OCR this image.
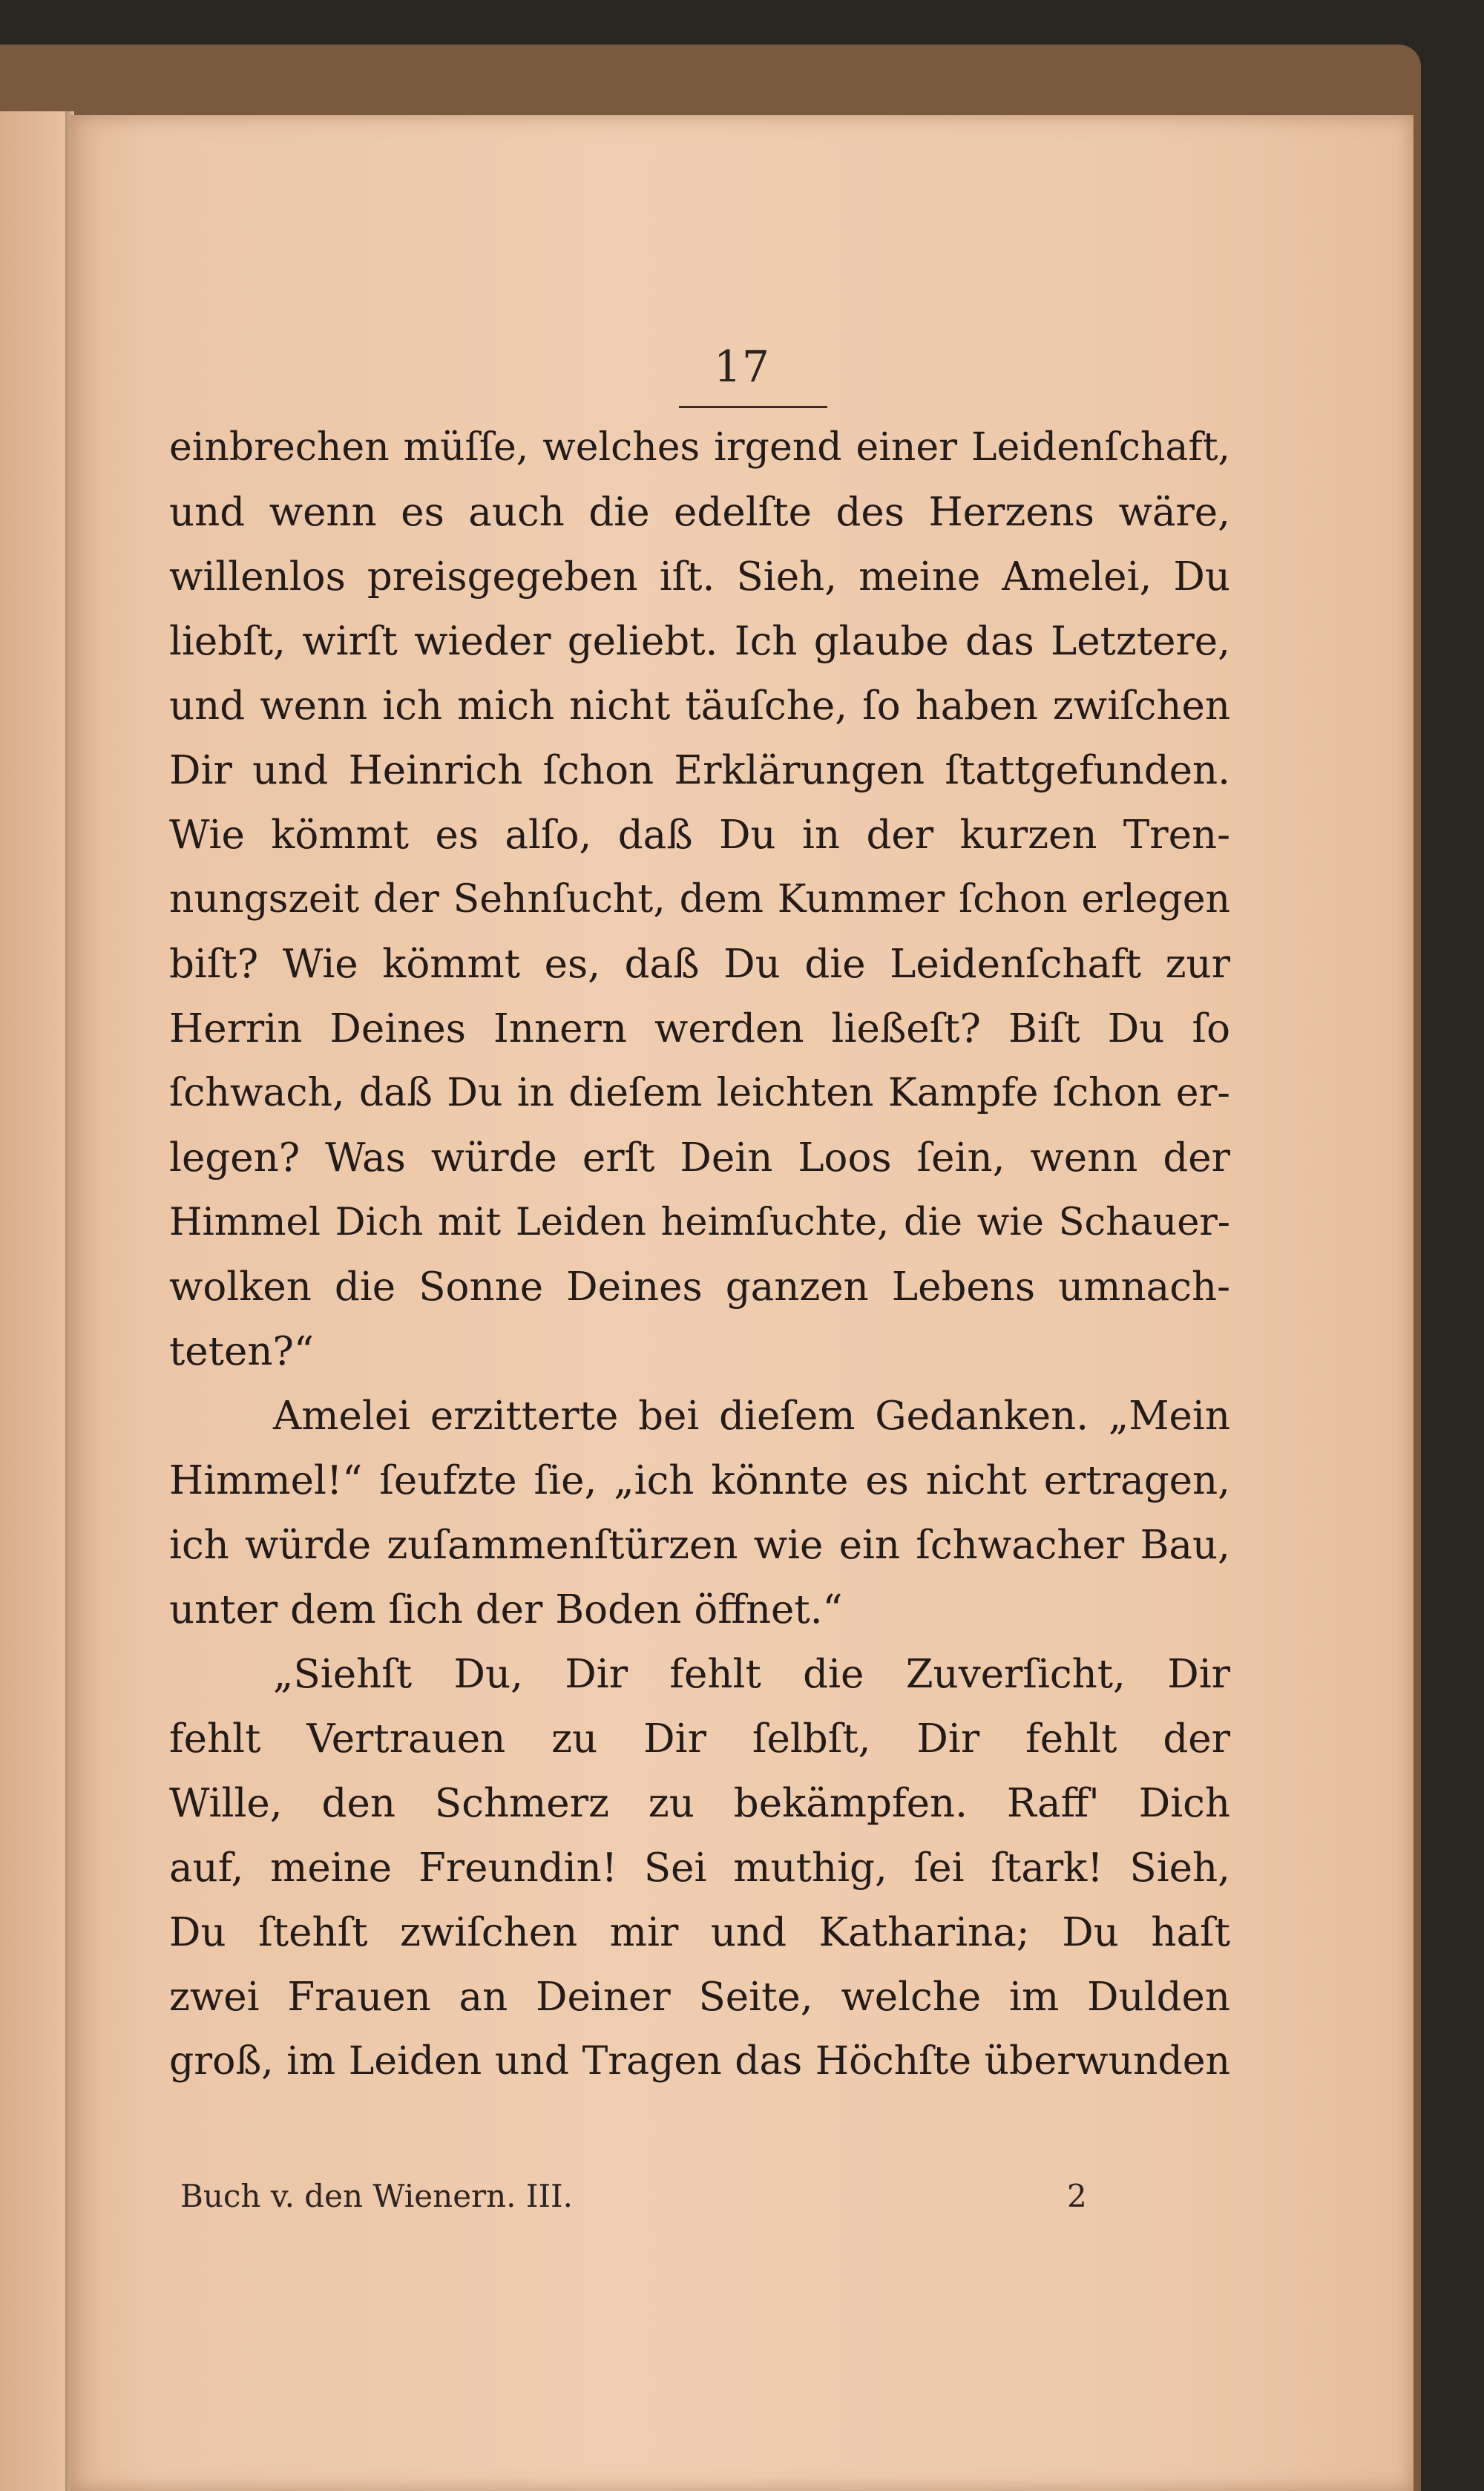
17
einbrechen müſſe, welches irgend einer Leidenſchaft,
und wenn es auch die edelſte des Herzens wäre,
willenlos preisgegeben iſt. Sieh, meine Amelei, Du
liebſt, wirſt wieder geliebt. Ich glaube das Letztere,
und wenn ich mich nicht täuſche, ſo haben zwiſchen
Dir und Heinrich ſchon Erklärungen ſtattgefunden.
Wie kömmt es alſo, daß Du in der kurzen Tren-
nungszeit der Sehnſucht, dem Kummer ſchon erlegen
biſt? Wie kömmt es, daß Du die Leidenſchaft zur
Herrin Deines Innern werden ließeſt? Biſt Du ſo
ſchwach, daß Du in dieſem leichten Kampfe ſchon er-
legen? Was würde erſt Dein Loos ſein, wenn der
Himmel Dich mit Leiden heimſuchte, die wie Schauer-
wolken die Sonne Deines ganzen Lebens umnach-
teten?“
Amelei erzitterte bei dieſem Gedanken. „Mein
Himmel!“ ſeufzte ſie, „ich könnte es nicht ertragen,
ich würde zuſammenſtürzen wie ein ſchwacher Bau,
unter dem ſich der Boden öffnet.“
„Siehſt Du, Dir fehlt die Zuverſicht, Dir
fehlt Vertrauen zu Dir ſelbſt, Dir fehlt der
Wille, den Schmerz zu bekämpfen. Raff' Dich
auf, meine Freundin! Sei muthig, ſei ſtark! Sieh,
Du ſtehſt zwiſchen mir und Katharina; Du haſt
zwei Frauen an Deiner Seite, welche im Dulden
groß, im Leiden und Tragen das Höchſte überwunden
Buch v. den Wienern. III.	2
